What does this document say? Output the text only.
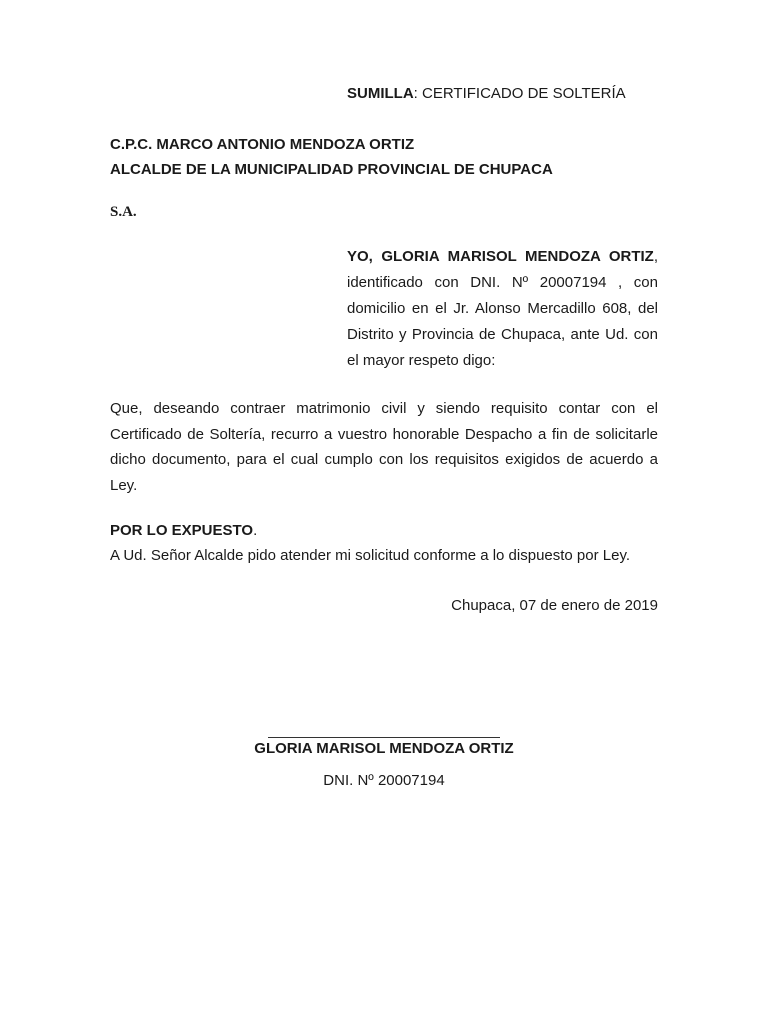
SUMILLA: CERTIFICADO DE SOLTERÍA
C.P.C. MARCO ANTONIO MENDOZA ORTIZ
ALCALDE DE LA MUNICIPALIDAD PROVINCIAL DE CHUPACA
S.A.
YO, GLORIA MARISOL MENDOZA ORTIZ,
identificado con DNI. Nº 20007194 , con
domicilio en el Jr. Alonso Mercadillo 608, del
Distrito y Provincia de Chupaca, ante Ud. con
el mayor respeto digo:
Que, deseando contraer matrimonio civil y siendo requisito contar con el
Certificado de Soltería, recurro a vuestro honorable Despacho a fin de solicitarle
dicho documento, para el cual cumplo con los requisitos exigidos de acuerdo a
Ley.
POR LO EXPUESTO.
A Ud. Señor Alcalde pido atender mi solicitud conforme a lo dispuesto por Ley.
Chupaca, 07 de enero de 2019
GLORIA MARISOL MENDOZA ORTIZ
DNI. Nº 20007194
